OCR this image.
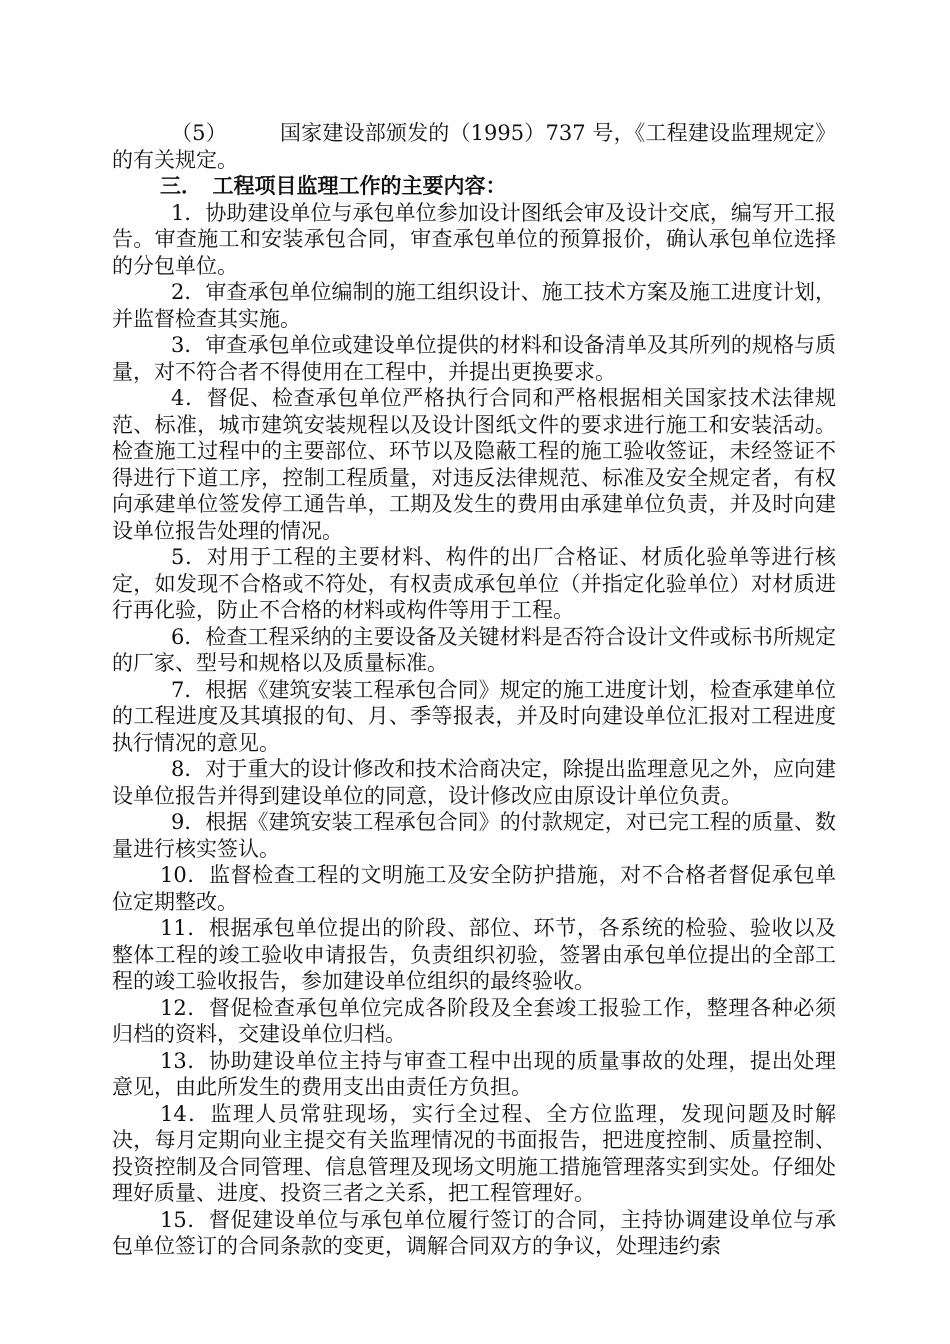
（5）　　　国家建设部颁发的（1995）737 号，《工程建设监理规定》的有关规定。

三．　工程项目监理工作的主要内容：

1．协助建设单位与承包单位参加设计图纸会审及设计交底，编写开工报告。审查施工和安装承包合同，审查承包单位的预算报价，确认承包单位选择的分包单位。

2．审查承包单位编制的施工组织设计、施工技术方案及施工进度计划，并监督检查其实施。

3．审查承包单位或建设单位提供的材料和设备清单及其所列的规格与质量，对不符合者不得使用在工程中，并提出更换要求。

4．督促、检查承包单位严格执行合同和严格根据相关国家技术法律规范、标准，城市建筑安装规程以及设计图纸文件的要求进行施工和安装活动。检查施工过程中的主要部位、环节以及隐蔽工程的施工验收签证，未经签证不得进行下道工序，控制工程质量，对违反法律规范、标准及安全规定者，有权向承建单位签发停工通告单，工期及发生的费用由承建单位负责，并及时向建设单位报告处理的情况。

5．对用于工程的主要材料、构件的出厂合格证、材质化验单等进行核定，如发现不合格或不符处，有权责成承包单位（并指定化验单位）对材质进行再化验，防止不合格的材料或构件等用于工程。

6．检查工程采纳的主要设备及关键材料是否符合设计文件或标书所规定的厂家、型号和规格以及质量标准。

7．根据《建筑安装工程承包合同》规定的施工进度计划，检查承建单位的工程进度及其填报的旬、月、季等报表，并及时向建设单位汇报对工程进度执行情况的意见。

8．对于重大的设计修改和技术洽商决定，除提出监理意见之外，应向建设单位报告并得到建设单位的同意，设计修改应由原设计单位负责。

9．根据《建筑安装工程承包合同》的付款规定，对已完工程的质量、数量进行核实签认。

10．监督检查工程的文明施工及安全防护措施，对不合格者督促承包单位定期整改。

11．根据承包单位提出的阶段、部位、环节，各系统的检验、验收以及整体工程的竣工验收申请报告，负责组织初验，签署由承包单位提出的全部工程的竣工验收报告，参加建设单位组织的最终验收。

12．督促检查承包单位完成各阶段及全套竣工报验工作，整理各种必须归档的资料，交建设单位归档。

13．协助建设单位主持与审查工程中出现的质量事故的处理，提出处理意见，由此所发生的费用支出由责任方负担。

14．监理人员常驻现场，实行全过程、全方位监理，发现问题及时解决，每月定期向业主提交有关监理情况的书面报告，把进度控制、质量控制、投资控制及合同管理、信息管理及现场文明施工措施管理落实到实处。仔细处理好质量、进度、投资三者之关系，把工程管理好。

15．督促建设单位与承包单位履行签订的合同，主持协调建设单位与承包单位签订的合同条款的变更，调解合同双方的争议，处理违约索
